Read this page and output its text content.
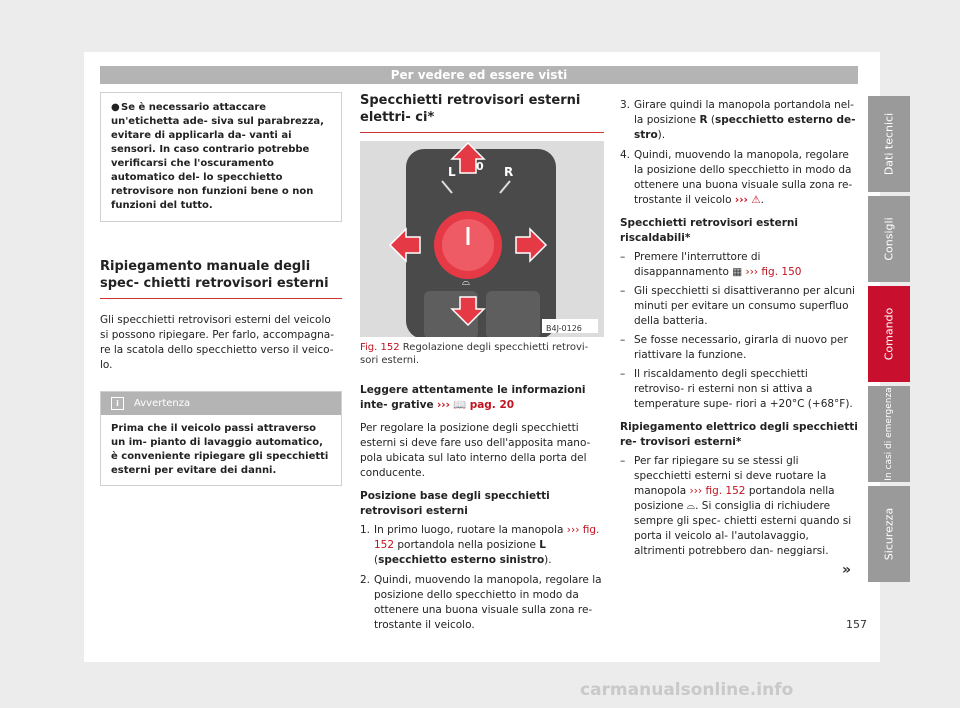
Per vedere ed essere visti
●Se è necessario attaccare un'etichetta ade- siva sul parabrezza, evitare di applicarla da- vanti ai sensori. In caso contrario potrebbe verificarsi che l'oscuramento automatico del- lo specchietto retrovisore non funzioni bene o non funzioni del tutto.
Ripiegamento manuale degli spec- chietti retrovisori esterni

Gli specchietti retrovisori esterni del veicolo si possono ripiegare. Per farlo, accompagna- re la scatola dello specchietto verso il veico- lo.

i	Avvertenza
Prima che il veicolo passi attraverso un im- pianto di lavaggio automatico, è conveniente ripiegare gli specchietti esterni per evitare dei danni.
Specchietti retrovisori esterni elettri- ci*
L 0 R
⌓
B4J-0126
Fig. 152 Regolazione degli specchietti retrovi- sori esterni.

Leggere attentamente le informazioni inte- grative ››› 📖 pag. 20

Per regolare la posizione degli specchietti esterni si deve fare uso dell'apposita mano- pola ubicata sul lato interno della porta del conducente.

Posizione base degli specchietti retrovisori esterni
1. In primo luogo, ruotare la manopola ››› fig. 152 portandola nella posizione L (specchietto esterno sinistro).
2. Quindi, muovendo la manopola, regolare la posizione dello specchietto in modo da ottenere una buona visuale sulla zona re- trostante il veicolo.
3. Girare quindi la manopola portandola nel- la posizione R (specchietto esterno de- stro).
4. Quindi, muovendo la manopola, regolare la posizione dello specchietto in modo da ottenere una buona visuale sulla zona re- trostante il veicolo ››› ⚠.
Specchietti retrovisori esterni riscaldabili*
– Premere l'interruttore di disappannamento ▦ ››› fig. 150
– Gli specchietti si disattiveranno per alcuni minuti per evitare un consumo superfluo della batteria.
– Se fosse necessario, girarla di nuovo per riattivare la funzione.
– Il riscaldamento degli specchietti retroviso- ri esterni non si attiva a temperature supe- riori a +20°C (+68°F).
Ripiegamento elettrico degli specchietti re- trovisori esterni*
– Per far ripiegare su se stessi gli specchietti esterni si deve ruotare la manopola ››› fig. 152 portandola nella posizione ⌓. Si consiglia di richiudere sempre gli spec- chietti esterni quando si porta il veicolo al- l'autolavaggio, altrimenti potrebbero dan- neggiarsi.
Dati tecnici
Consigli
Comando
In casi di emergenza
Sicurezza
»
157
carmanualsonline.info
